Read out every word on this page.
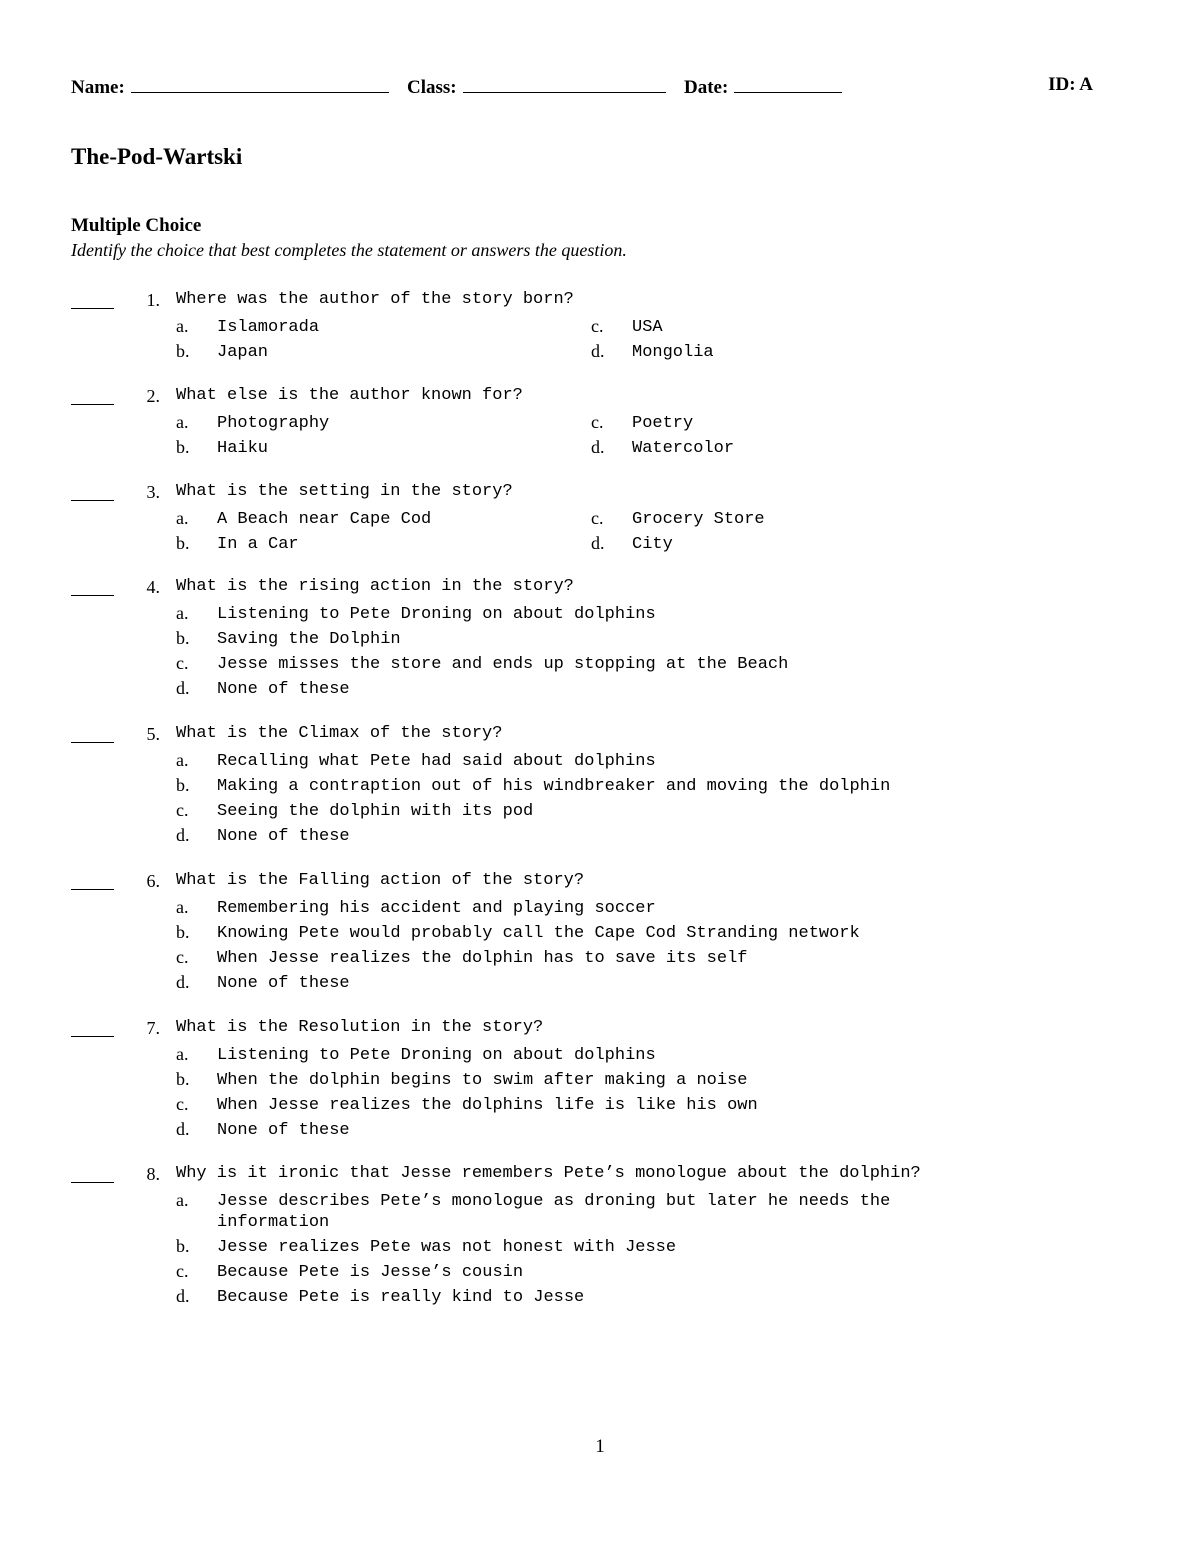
Name:	Class:	Date:	ID: A
The-Pod-Wartski
Multiple Choice
Identify the choice that best completes the statement or answers the question.
1. Where was the author of the story born?
a.	Islamorada
b.	Japan
c.	USA
d.	Mongolia
2. What else is the author known for?
a.	Photography
b.	Haiku
c.	Poetry
d.	Watercolor
3. What is the setting in the story?
a.	A Beach near Cape Cod
b.	In a Car
c.	Grocery Store
d.	City
4. What is the rising action in the story?
a.	Listening to Pete Droning on about dolphins
b.	Saving the Dolphin
c.	Jesse misses the store and ends up stopping at the Beach
d.	None of these
5. What is the Climax of the story?
a.	Recalling what Pete had said about dolphins
b.	Making a contraption out of his windbreaker and moving the dolphin
c.	Seeing the dolphin with its pod
d.	None of these
6. What is the Falling action of the story?
a.	Remembering his accident and playing soccer
b.	Knowing Pete would probably call the Cape Cod Stranding network
c.	When Jesse realizes the dolphin has to save its self
d.	None of these
7. What is the Resolution in the story?
a.	Listening to Pete Droning on about dolphins
b.	When the dolphin begins to swim after making a noise
c.	When Jesse realizes the dolphins life is like his own
d.	None of these
8. Why is it ironic that Jesse remembers Pete’s monologue about the dolphin?
a.	Jesse describes Pete’s monologue as droning but later he needs the
information
b.	Jesse realizes Pete was not honest with Jesse
c.	Because Pete is Jesse’s cousin
d.	Because Pete is really kind to Jesse
1
